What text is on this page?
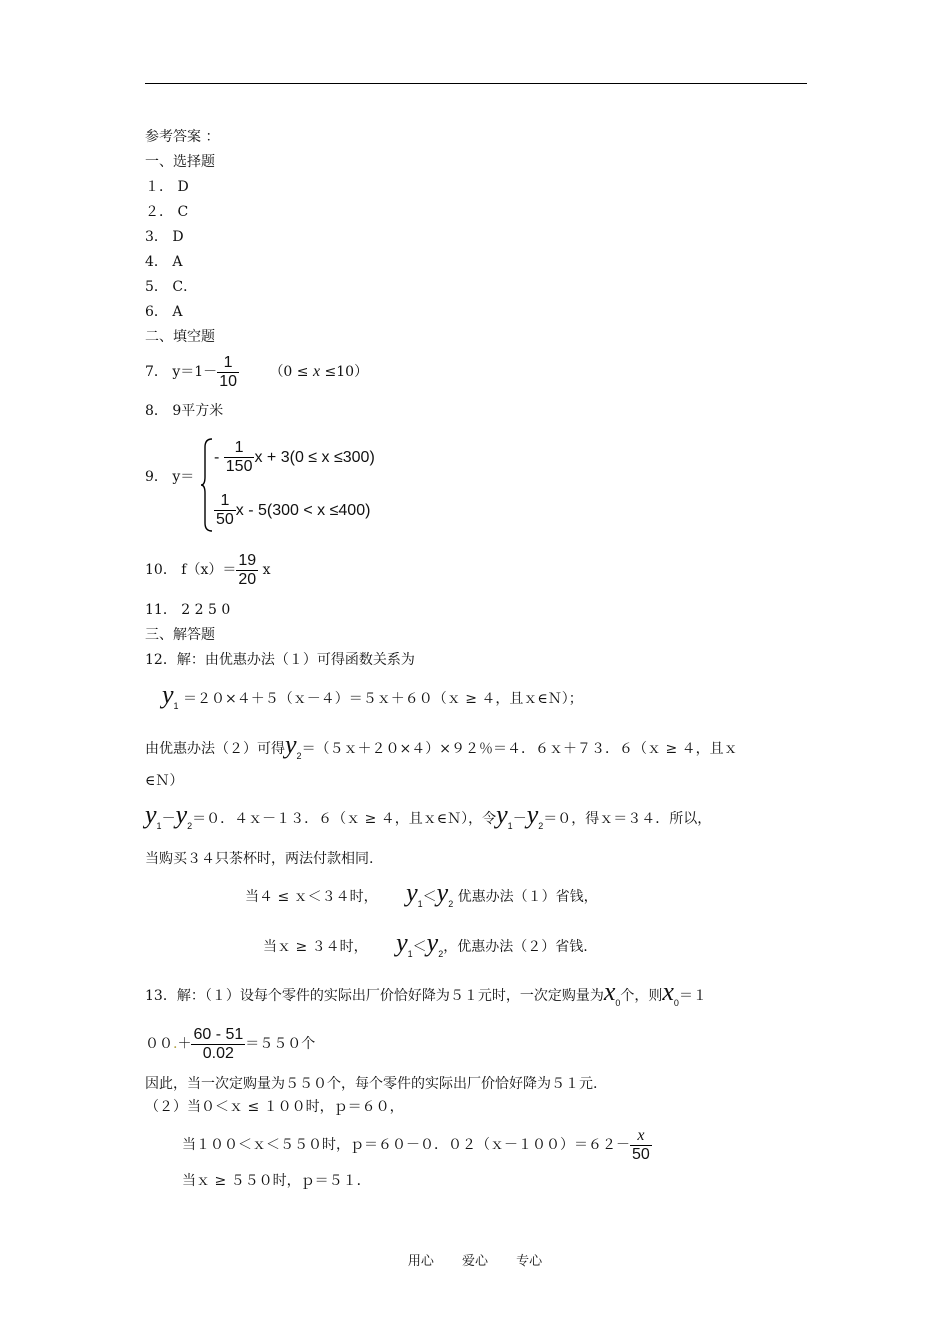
参考答案 ：
一、选择题
１． D
２． C
3． D
4． A
5． C．
6． A
二、填空题
7． $y=1- \frac{1}{10} (0 \le x \le 10)$
8． 9平方米
9． y＝
- $\frac{1}{150}$ x + 3(0 ≤ x ≤300)
$\frac{1}{50}$ x - 5(300 < x ≤400)
10． $f(x)= \frac{19}{20}$ x
11． 2 2 5 0
三、解答题
12．解：由优惠办法（１）可得函数关系为
$y_1$ ＝２０×４＋５（ｘ－４）＝５ｘ＋６０（ｘ ≥ ４，且ｘ∈Ｎ）；
由优惠办法（２）可得$y_2=(5x+20\times 4)\times 92$％＝４．６ｘ＋７３．６（ｘ ≥ ４，且ｘ
∈Ｎ）
$y_1-y_2=0$．４ｘ－１３．６（ｘ ≥ ４，且ｘ∈Ｎ），令$y_1-y_2=0$，得ｘ＝３４．所以，
当购买３４只茶杯时，两法付款相同.
当４ ≤ ｘ＜３４时， $y_1<y_2$ 优惠办法（１）省钱，
当ｘ ≥ ３４时， $y_1<y_2$，优惠办法（２）省钱.
13．解：（１）设每个零件的实际出厂价恰好降为５１元时，一次定购量为$x_0$个，则$x_0=1$
$00.+ \frac{60 - 51}{0.02} =550$个
因此，当一次定购量为５５０个，每个零件的实际出厂价恰好降为５１元.
（２）当０＜ｘ ≤ １００时，ｐ＝６０，
当１００＜ｘ＜５５０时，ｐ＝６０－０．０２（ｘ－１００）＝６２－ $\frac{x}{50}$
当ｘ ≥ ５５０时，ｐ＝５１．
用心 爱心 专心
